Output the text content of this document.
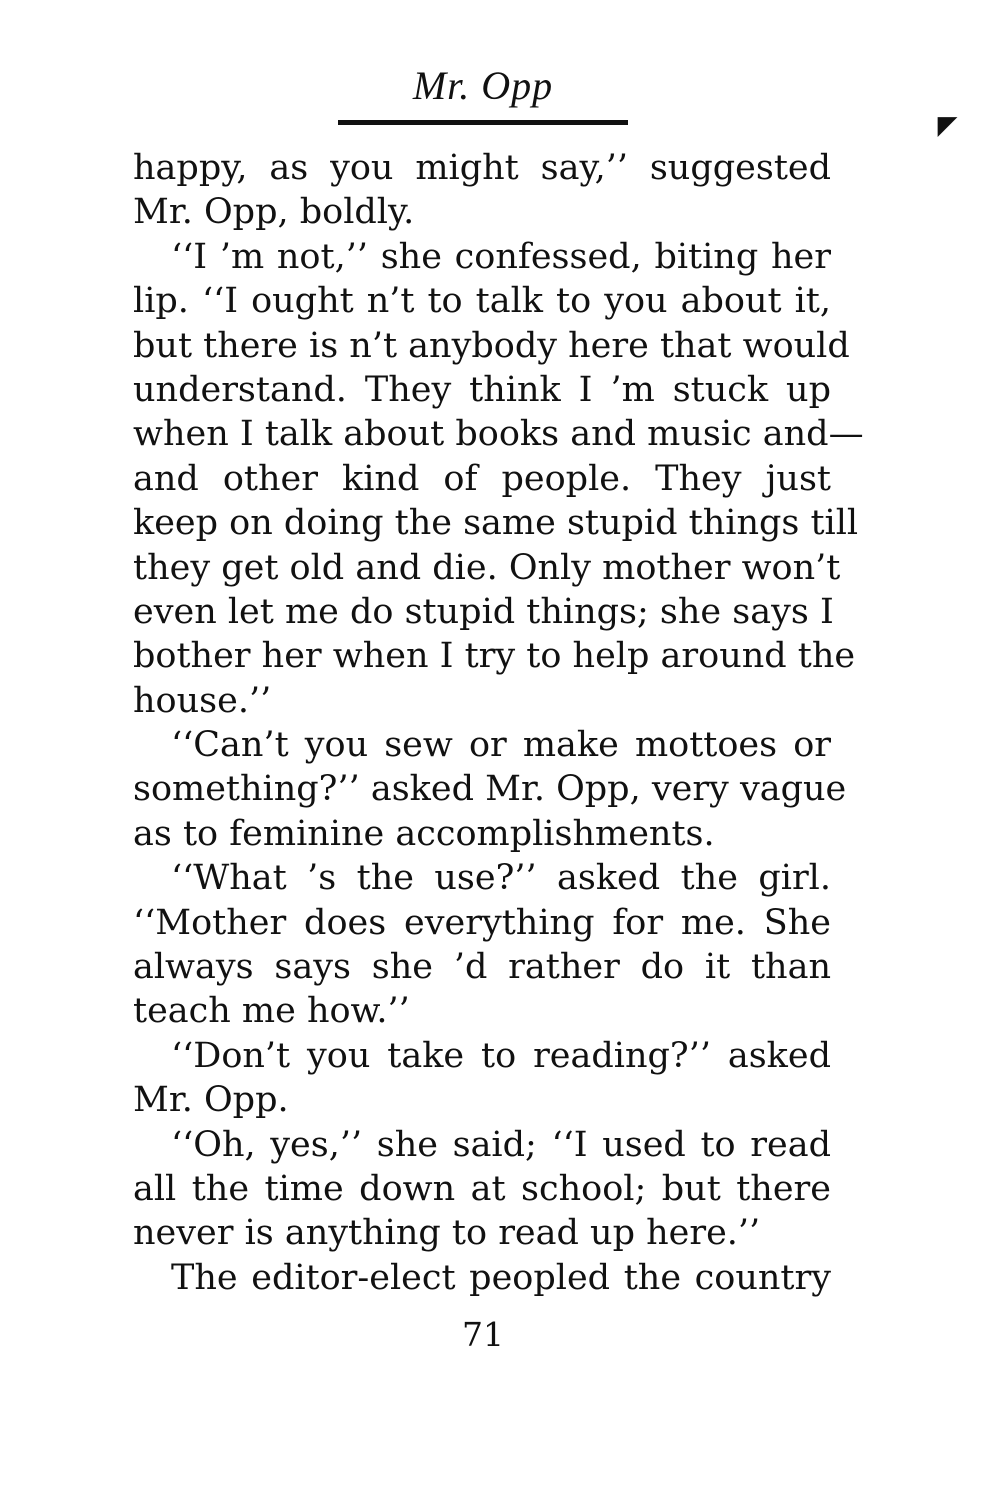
Mr. Opp
◤
happy, as you might say,’’ suggested
Mr. Opp, boldly.
‘‘I ’m not,’’ she confessed, biting her
lip. ‘‘I ought n’t to talk to you about it,
but there is n’t anybody here that would
understand. They think I ’m stuck up
when I talk about books and music and—
and other kind of people. They just
keep on doing the same stupid things till
they get old and die. Only mother won’t
even let me do stupid things; she says I
bother her when I try to help around the
house.’’
‘‘Can’t you sew or make mottoes or
something?’’ asked Mr. Opp, very vague
as to feminine accomplishments.
‘‘What ’s the use?’’ asked the girl.
‘‘Mother does everything for me. She
always says she ’d rather do it than
teach me how.’’
‘‘Don’t you take to reading?’’ asked
Mr. Opp.
‘‘Oh, yes,’’ she said; ‘‘I used to read
all the time down at school; but there
never is anything to read up here.’’
The editor-elect peopled the country
71
